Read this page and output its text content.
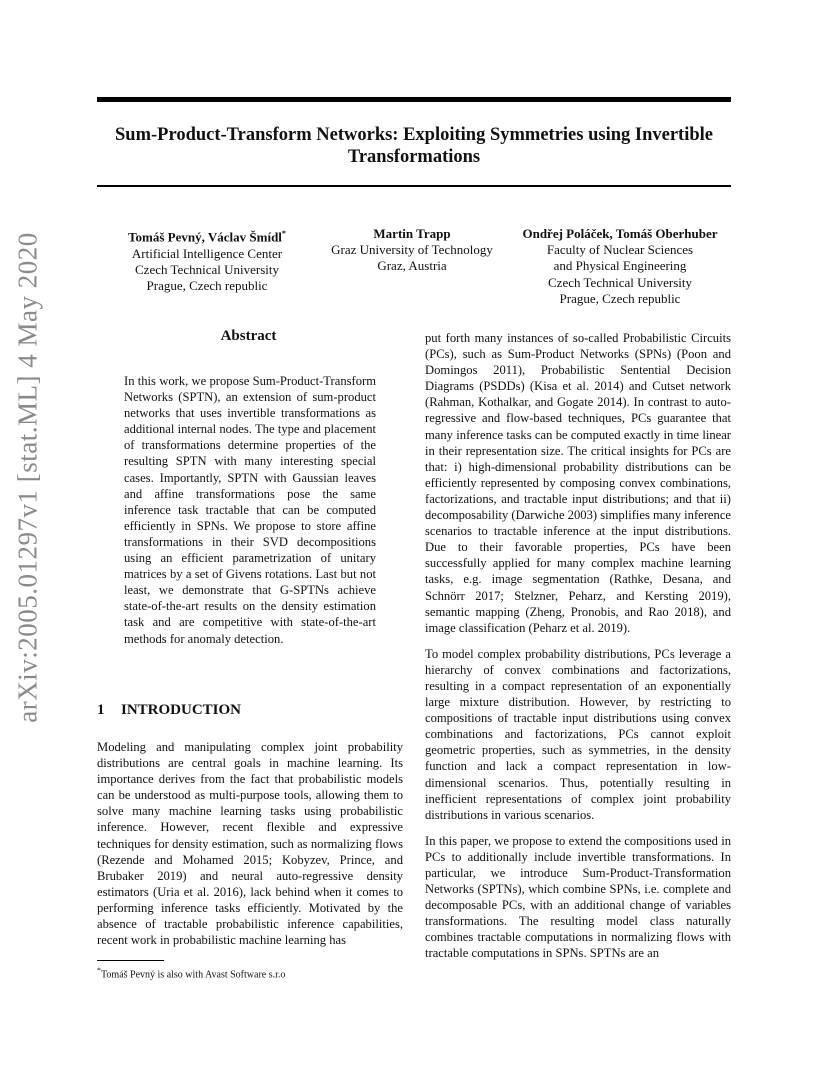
Sum-Product-Transform Networks: Exploiting Symmetries using Invertible
Transformations
Tomáš Pevný, Václav Šmídl*
Artificial Intelligence Center
Czech Technical University
Prague, Czech republic
Martin Trapp
Graz University of Technology
Graz, Austria
Ondřej Poláček, Tomáš Oberhuber
Faculty of Nuclear Sciences
and Physical Engineering
Czech Technical University
Prague, Czech republic
arXiv:2005.01297v1 [stat.ML] 4 May 2020	Abstract
In this work, we propose Sum-Product-Transform Networks (SPTN), an extension of sum-product networks that uses invertible transformations as additional internal nodes. The type and placement of transformations determine properties of the resulting SPTN with many interesting special cases. Importantly, SPTN with Gaussian leaves and affine transformations pose the same inference task tractable that can be computed efficiently in SPNs. We propose to store affine transformations in their SVD decompositions using an efficient parametrization of unitary matrices by a set of Givens rotations. Last but not least, we demonstrate that G-SPTNs achieve state-of-the-art results on the density estimation task and are competitive with state-of-the-art methods for anomaly detection.
1 INTRODUCTION
Modeling and manipulating complex joint probability distributions are central goals in machine learning. Its importance derives from the fact that probabilistic models can be understood as multi-purpose tools, allowing them to solve many machine learning tasks using probabilistic inference. However, recent flexible and expressive techniques for density estimation, such as normalizing flows (Rezende and Mohamed 2015; Kobyzev, Prince, and Brubaker 2019) and neural auto-regressive density estimators (Uria et al. 2016), lack behind when it comes to performing inference tasks efficiently. Motivated by the absence of tractable probabilistic inference capabilities, recent work in probabilistic machine learning has

put forth many instances of so-called Probabilistic Circuits (PCs), such as Sum-Product Networks (SPNs) (Poon and Domingos 2011), Probabilistic Sentential Decision Diagrams (PSDDs) (Kisa et al. 2014) and Cutset network (Rahman, Kothalkar, and Gogate 2014). In contrast to auto-regressive and flow-based techniques, PCs guarantee that many inference tasks can be computed exactly in time linear in their representation size. The critical insights for PCs are that: i) high-dimensional probability distributions can be efficiently represented by composing convex combinations, factorizations, and tractable input distributions; and that ii) decomposability (Darwiche 2003) simplifies many inference scenarios to tractable inference at the input distributions. Due to their favorable properties, PCs have been successfully applied for many complex machine learning tasks, e.g. image segmentation (Rathke, Desana, and Schnörr 2017; Stelzner, Peharz, and Kersting 2019), semantic mapping (Zheng, Pronobis, and Rao 2018), and image classification (Peharz et al. 2019).

To model complex probability distributions, PCs leverage a hierarchy of convex combinations and factorizations, resulting in a compact representation of an exponentially large mixture distribution. However, by restricting to compositions of tractable input distributions using convex combinations and factorizations, PCs cannot exploit geometric properties, such as symmetries, in the density function and lack a compact representation in low-dimensional scenarios. Thus, potentially resulting in inefficient representations of complex joint probability distributions in various scenarios.

In this paper, we propose to extend the compositions used in PCs to additionally include invertible transformations. In particular, we introduce Sum-Product-Transformation Networks (SPTNs), which combine SPNs, i.e. complete and decomposable PCs, with an additional change of variables transformations. The resulting model class naturally combines tractable computations in normalizing flows with tractable computations in SPNs. SPTNs are an

*Tomáš Pevný is also with Avast Software s.r.o
